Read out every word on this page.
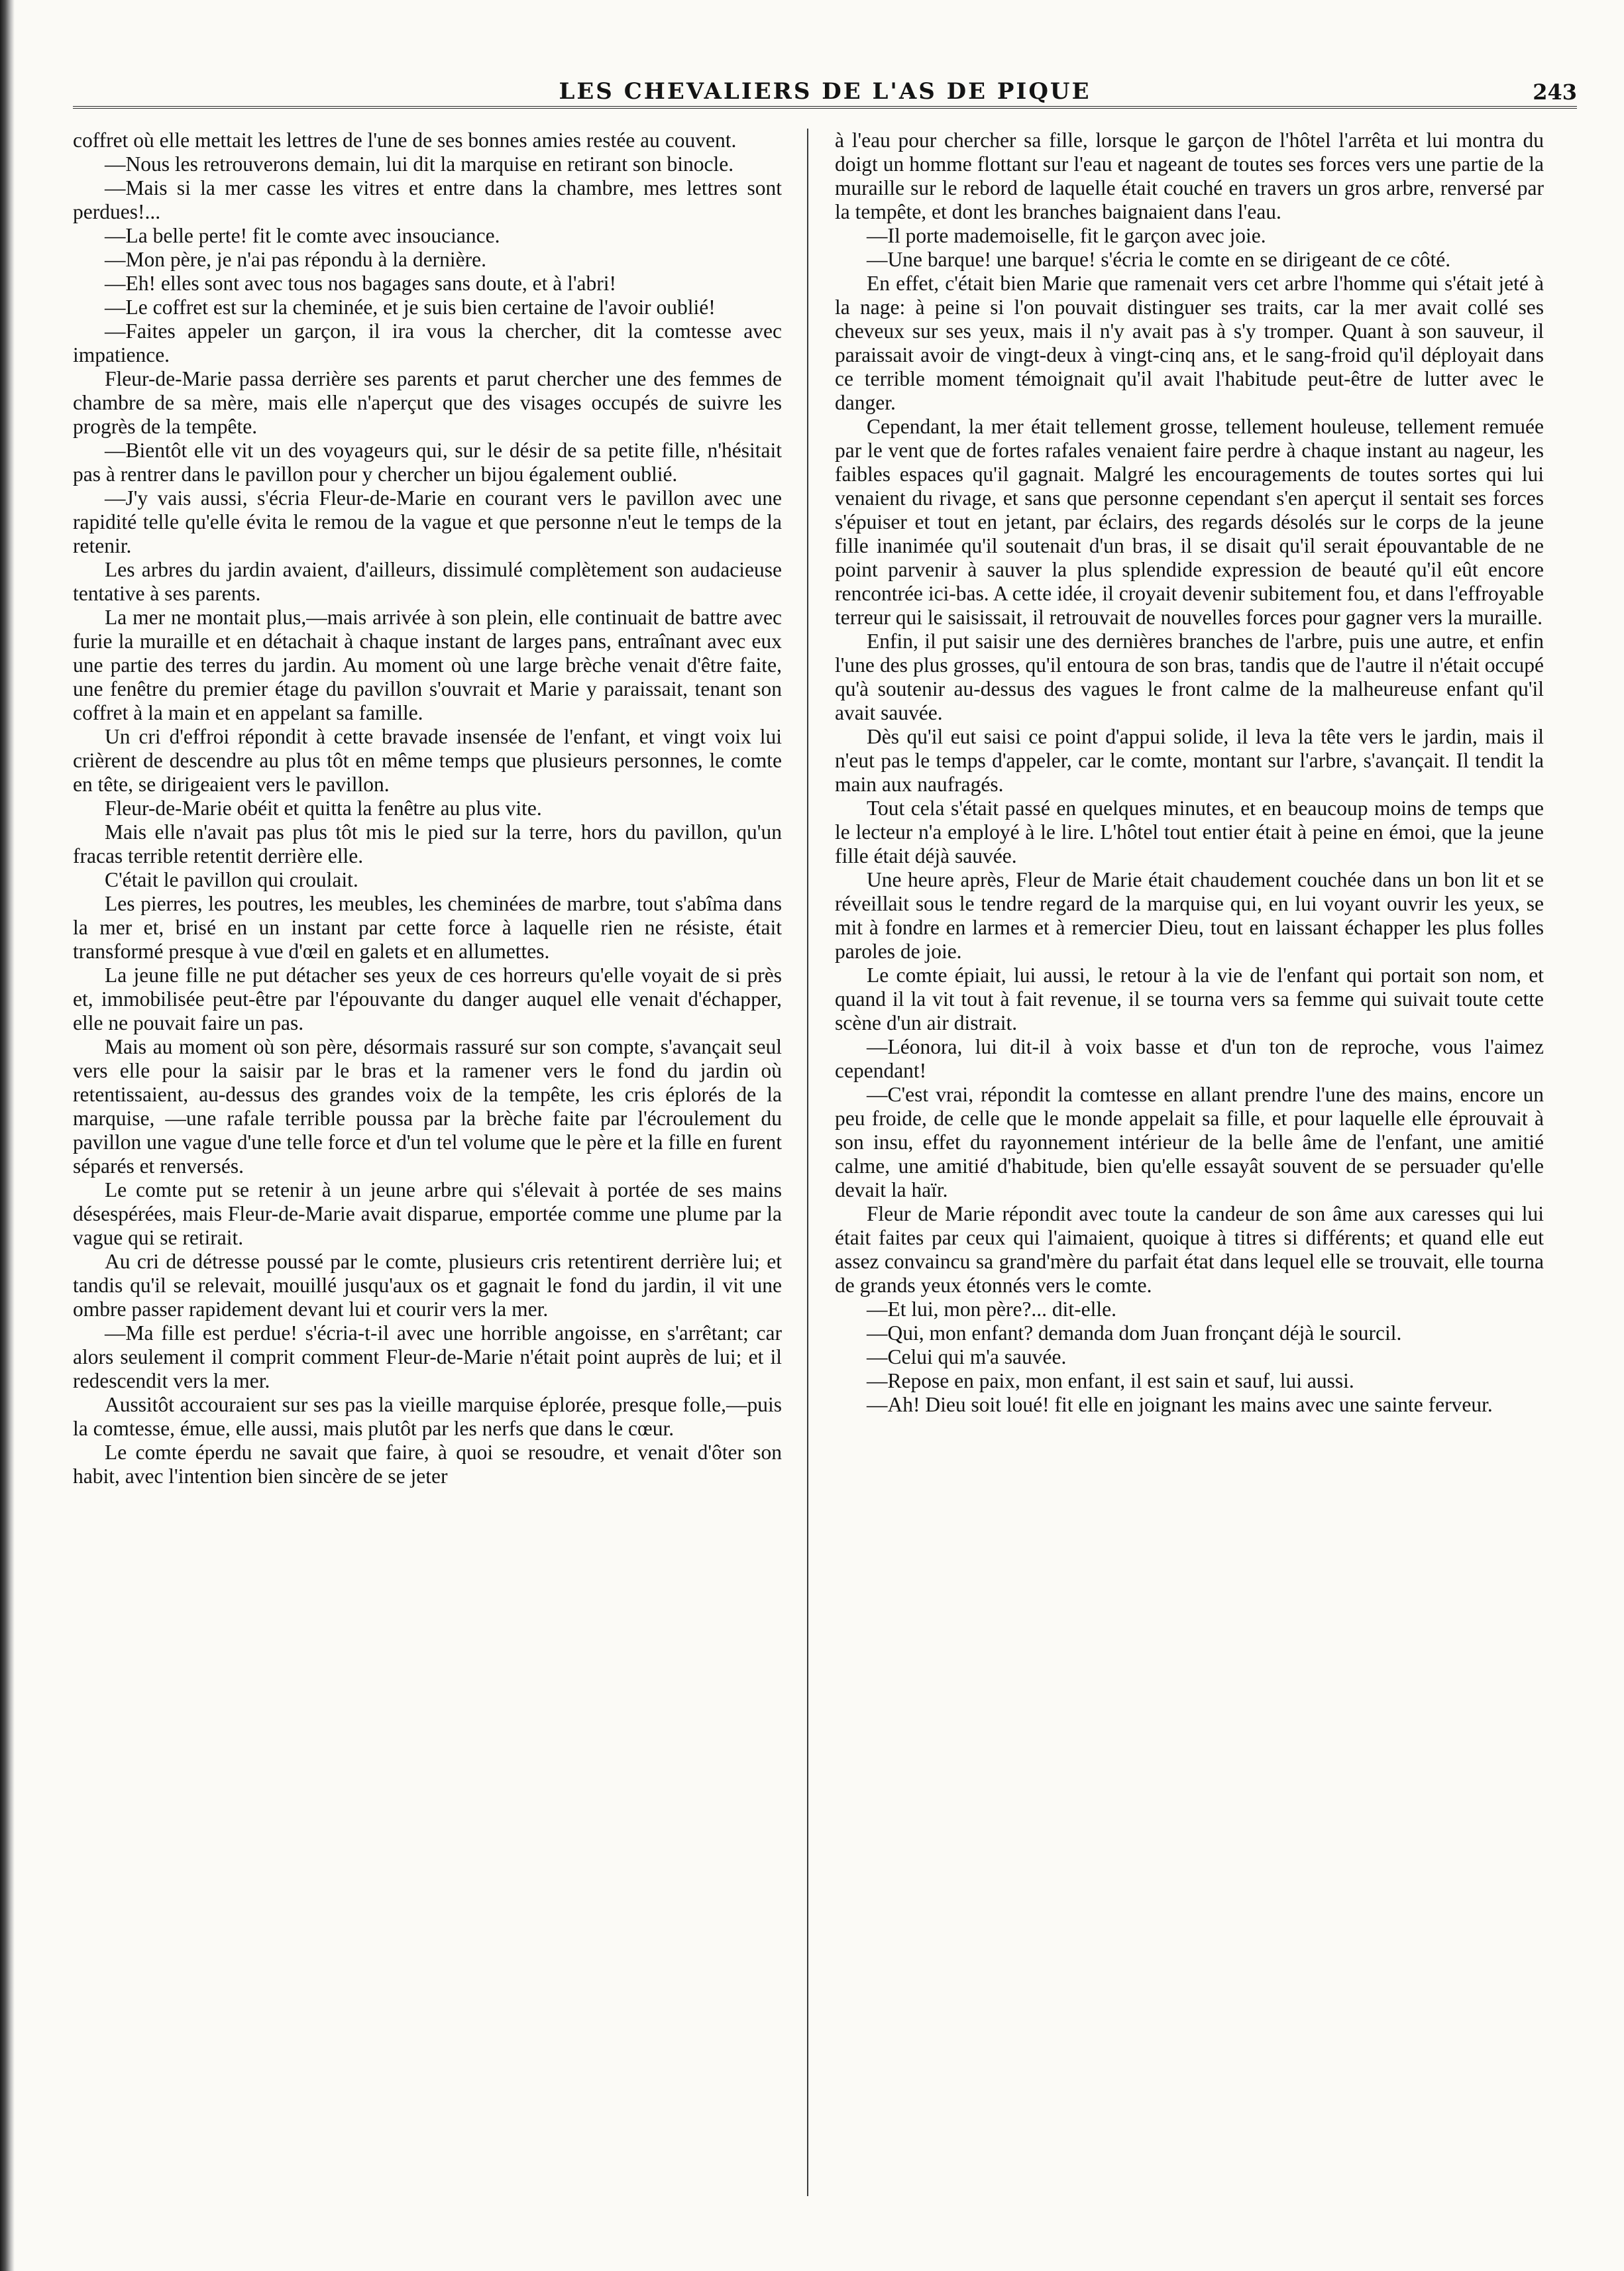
LES CHEVALIERS DE L'AS DE PIQUE	243

coffret où elle mettait les lettres de l'une de ses bonnes amies restée au couvent.

—Nous les retrouverons demain, lui dit la marquise en retirant son binocle.

—Mais si la mer casse les vitres et entre dans la chambre, mes lettres sont perdues!...

—La belle perte! fit le comte avec insouciance.

—Mon père, je n'ai pas répondu à la dernière.

—Eh! elles sont avec tous nos bagages sans doute, et à l'abri!

—Le coffret est sur la cheminée, et je suis bien certaine de l'avoir oublié!

—Faites appeler un garçon, il ira vous la chercher, dit la comtesse avec impatience.

Fleur-de-Marie passa derrière ses parents et parut chercher une des femmes de chambre de sa mère, mais elle n'aperçut que des visages occupés de suivre les progrès de la tempête.

—Bientôt elle vit un des voyageurs qui, sur le désir de sa petite fille, n'hésitait pas à rentrer dans le pavillon pour y chercher un bijou également oublié.

—J'y vais aussi, s'écria Fleur-de-Marie en courant vers le pavillon avec une rapidité telle qu'elle évita le remou de la vague et que personne n'eut le temps de la retenir.

Les arbres du jardin avaient, d'ailleurs, dissimulé complètement son audacieuse tentative à ses parents.

La mer ne montait plus,—mais arrivée à son plein, elle continuait de battre avec furie la muraille et en détachait à chaque instant de larges pans, entraînant avec eux une partie des terres du jardin. Au moment où une large brèche venait d'être faite, une fenêtre du premier étage du pavillon s'ouvrait et Marie y paraissait, tenant son coffret à la main et en appelant sa famille.

Un cri d'effroi répondit à cette bravade insensée de l'enfant, et vingt voix lui crièrent de descendre au plus tôt en même temps que plusieurs personnes, le comte en tête, se dirigeaient vers le pavillon.

Fleur-de-Marie obéit et quitta la fenêtre au plus vite.

Mais elle n'avait pas plus tôt mis le pied sur la terre, hors du pavillon, qu'un fracas terrible retentit derrière elle.

C'était le pavillon qui croulait.

Les pierres, les poutres, les meubles, les cheminées de marbre, tout s'abîma dans la mer et, brisé en un instant par cette force à laquelle rien ne résiste, était transformé presque à vue d'œil en galets et en allumettes.

La jeune fille ne put détacher ses yeux de ces horreurs qu'elle voyait de si près et, immobilisée peut-être par l'épouvante du danger auquel elle venait d'échapper, elle ne pouvait faire un pas.

Mais au moment où son père, désormais rassuré sur son compte, s'avançait seul vers elle pour la saisir par le bras et la ramener vers le fond du jardin où retentissaient, au-dessus des grandes voix de la tempête, les cris éplorés de la marquise, —une rafale terrible poussa par la brèche faite par l'écroulement du pavillon une vague d'une telle force et d'un tel volume que le père et la fille en furent séparés et renversés.

Le comte put se retenir à un jeune arbre qui s'élevait à portée de ses mains désespérées, mais Fleur-de-Marie avait disparue, emportée comme une plume par la vague qui se retirait.

Au cri de détresse poussé par le comte, plusieurs cris retentirent derrière lui; et tandis qu'il se relevait, mouillé jusqu'aux os et gagnait le fond du jardin, il vit une ombre passer rapidement devant lui et courir vers la mer.

—Ma fille est perdue! s'écria-t-il avec une horrible angoisse, en s'arrêtant; car alors seulement il comprit comment Fleur-de-Marie n'était point auprès de lui; et il redescendit vers la mer.

Aussitôt accouraient sur ses pas la vieille marquise éplorée, presque folle,—puis la comtesse, émue, elle aussi, mais plutôt par les nerfs que dans le cœur.

Le comte éperdu ne savait que faire, à quoi se resoudre, et venait d'ôter son habit, avec l'intention bien sincère de se jeter

à l'eau pour chercher sa fille, lorsque le garçon de l'hôtel l'arrêta et lui montra du doigt un homme flottant sur l'eau et nageant de toutes ses forces vers une partie de la muraille sur le rebord de laquelle était couché en travers un gros arbre, renversé par la tempête, et dont les branches baignaient dans l'eau.

—Il porte mademoiselle, fit le garçon avec joie.

—Une barque! une barque! s'écria le comte en se dirigeant de ce côté.

En effet, c'était bien Marie que ramenait vers cet arbre l'homme qui s'était jeté à la nage: à peine si l'on pouvait distinguer ses traits, car la mer avait collé ses cheveux sur ses yeux, mais il n'y avait pas à s'y tromper. Quant à son sauveur, il paraissait avoir de vingt-deux à vingt-cinq ans, et le sang-froid qu'il déployait dans ce terrible moment témoignait qu'il avait l'habitude peut-être de lutter avec le danger.

Cependant, la mer était tellement grosse, tellement houleuse, tellement remuée par le vent que de fortes rafales venaient faire perdre à chaque instant au nageur, les faibles espaces qu'il gagnait. Malgré les encouragements de toutes sortes qui lui venaient du rivage, et sans que personne cependant s'en aperçut il sentait ses forces s'épuiser et tout en jetant, par éclairs, des regards désolés sur le corps de la jeune fille inanimée qu'il soutenait d'un bras, il se disait qu'il serait épouvantable de ne point parvenir à sauver la plus splendide expression de beauté qu'il eût encore rencontrée ici-bas. A cette idée, il croyait devenir subitement fou, et dans l'effroyable terreur qui le saisissait, il retrouvait de nouvelles forces pour gagner vers la muraille.

Enfin, il put saisir une des dernières branches de l'arbre, puis une autre, et enfin l'une des plus grosses, qu'il entoura de son bras, tandis que de l'autre il n'était occupé qu'à soutenir au-dessus des vagues le front calme de la malheureuse enfant qu'il avait sauvée.

Dès qu'il eut saisi ce point d'appui solide, il leva la tête vers le jardin, mais il n'eut pas le temps d'appeler, car le comte, montant sur l'arbre, s'avançait. Il tendit la main aux naufragés.

Tout cela s'était passé en quelques minutes, et en beaucoup moins de temps que le lecteur n'a employé à le lire. L'hôtel tout entier était à peine en émoi, que la jeune fille était déjà sauvée.

Une heure après, Fleur de Marie était chaudement couchée dans un bon lit et se réveillait sous le tendre regard de la marquise qui, en lui voyant ouvrir les yeux, se mit à fondre en larmes et à remercier Dieu, tout en laissant échapper les plus folles paroles de joie.

Le comte épiait, lui aussi, le retour à la vie de l'enfant qui portait son nom, et quand il la vit tout à fait revenue, il se tourna vers sa femme qui suivait toute cette scène d'un air distrait.

—Léonora, lui dit-il à voix basse et d'un ton de reproche, vous l'aimez cependant!

—C'est vrai, répondit la comtesse en allant prendre l'une des mains, encore un peu froide, de celle que le monde appelait sa fille, et pour laquelle elle éprouvait à son insu, effet du rayonnement intérieur de la belle âme de l'enfant, une amitié calme, une amitié d'habitude, bien qu'elle essayât souvent de se persuader qu'elle devait la haïr.

Fleur de Marie répondit avec toute la candeur de son âme aux caresses qui lui était faites par ceux qui l'aimaient, quoique à titres si différents; et quand elle eut assez convaincu sa grand'mère du parfait état dans lequel elle se trouvait, elle tourna de grands yeux étonnés vers le comte.

—Et lui, mon père?... dit-elle.

—Qui, mon enfant? demanda dom Juan fronçant déjà le sourcil.

—Celui qui m'a sauvée.

—Repose en paix, mon enfant, il est sain et sauf, lui aussi.

—Ah! Dieu soit loué! fit elle en joignant les mains avec une sainte ferveur.
